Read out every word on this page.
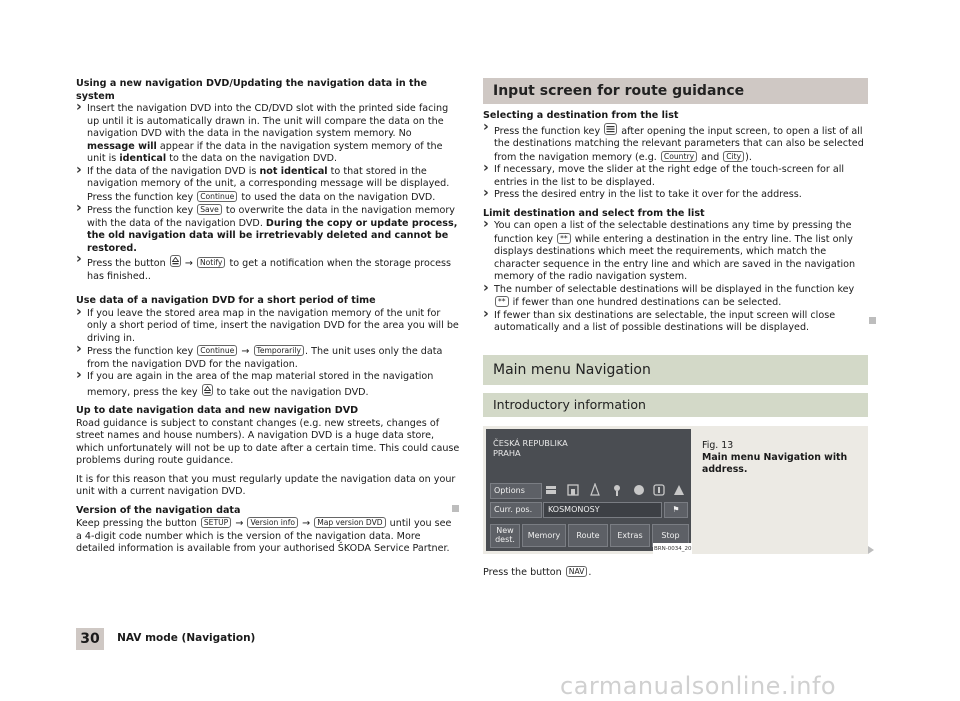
Using a new navigation DVD/Updating the navigation data in the system
› Insert the navigation DVD into the CD/DVD slot with the printed side facing up until it is automatically drawn in. The unit will compare the data on the navigation DVD with the data in the navigation system memory. No message will appear if the data in the navigation system memory of the unit is identical to the data on the navigation DVD.
› If the data of the navigation DVD is not identical to that stored in the navigation memory of the unit, a corresponding message will be displayed. Press the function key Continue to used the data on the navigation DVD.
› Press the function key Save to overwrite the data in the navigation memory with the data of the navigation DVD. During the copy or update process, the old navigation data will be irretrievably deleted and cannot be restored.
› Press the button
→ Notify to get a notification when the storage process has finished..
Use data of a navigation DVD for a short period of time
› If you leave the stored area map in the navigation memory of the unit for only a short period of time, insert the navigation DVD for the area you will be driving in.
› Press the function key Continue → Temporarily . The unit uses only the data from the navigation DVD for the navigation.
› If you are again in the area of the map material stored in the navigation memory, press the key
to take out the navigation DVD.
Up to date navigation data and new navigation DVD
Road guidance is subject to constant changes (e.g. new streets, changes of street names and house numbers). A navigation DVD is a huge data store, which unfortunately will not be up to date after a certain time. This could cause problems during route guidance.
It is for this reason that you must regularly update the navigation data on your unit with a current navigation DVD.
Version of the navigation data
Keep pressing the button SETUP → Version info → Map version DVD until you see a 4-digit code number which is the version of the navigation data. More detailed information is available from your authorised ŠKODA Service Partner.
Input screen for route guidance
Selecting a destination from the list
› Press the function key
after opening the input screen, to open a list of all the destinations matching the relevant parameters that can also be selected from the navigation memory (e.g. Country and City ).
› If necessary, move the slider at the right edge of the touch-screen for all entries in the list to be displayed.
› Press the desired entry in the list to take it over for the address.
Limit destination and select from the list
› You can open a list of the selectable destinations any time by pressing the function key ** while entering a destination in the entry line. The list only displays destinations which meet the requirements, which match the character sequence in the entry line and which are saved in the navigation memory of the radio navigation system.
› The number of selectable destinations will be displayed in the function key ** if fewer than one hundred destinations can be selected.
› If fewer than six destinations are selectable, the input screen will close automatically and a list of possible destinations will be displayed.
Main menu Navigation
Introductory information
ČESKÁ REPUBLIKA
PRAHA
Options
Curr. pos.	KOSMONOSY	⚑
New dest.	Memory	Route	Extras	Stop
BRN-0034_20
Fig. 13
Main menu Navigation with address.
Press the button NAV .
30 NAV mode (Navigation)
carmanualsonline.info
